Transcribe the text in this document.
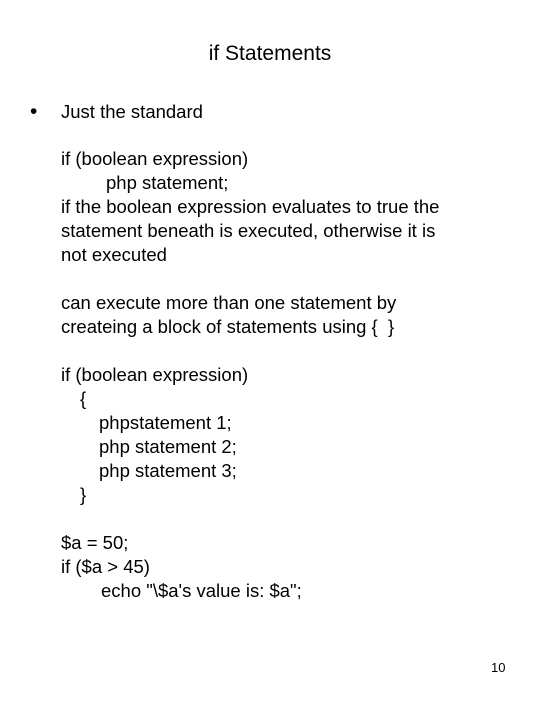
if Statements
• Just the standard
if (boolean expression)
php statement;
if the boolean expression evaluates to true the
statement beneath is executed, otherwise it is
not executed
can execute more than one statement by
createing a block of statements using {  }
if (boolean expression)
{
phpstatement 1;
php statement 2;
php statement 3;
}
$a = 50;
if ($a > 45)
echo "\$a's value is: $a";
10
